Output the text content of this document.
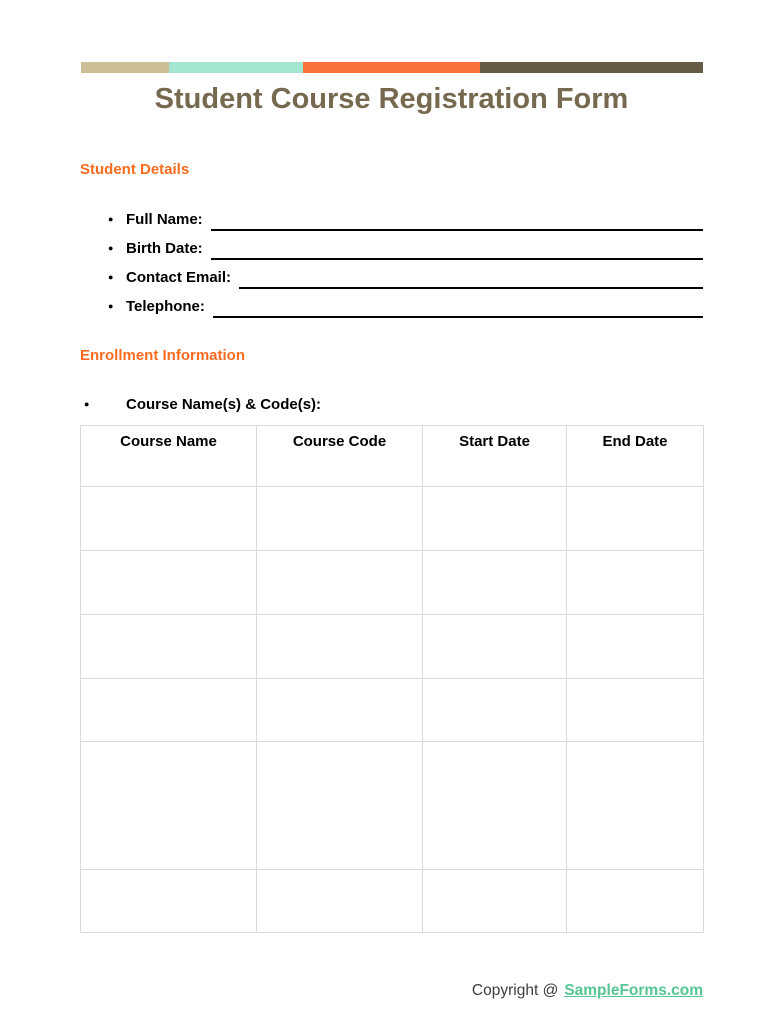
Student Course Registration Form
Student Details
● Full Name:
● Birth Date:
● Contact Email:
● Telephone:
Enrollment Information
●	Course Name(s) & Code(s):
Course Name	Course Code	Start Date	End Date

Copyright @ SampleForms.com
